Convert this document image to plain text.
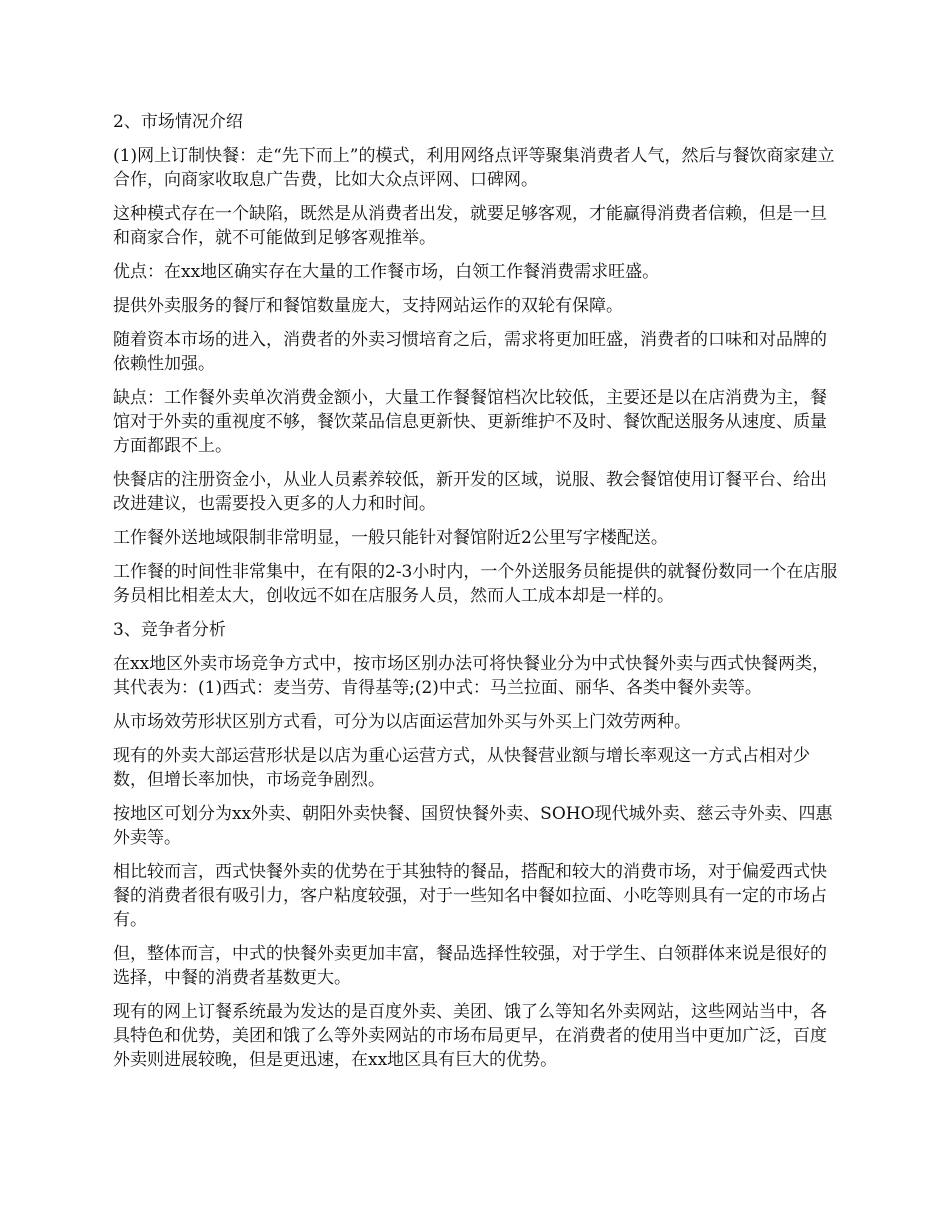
2、市场情况介绍

(1)网上订制快餐：走“先下而上”的模式，利用网络点评等聚集消费者人气，然后与餐饮商家建立合作，向商家收取息广告费，比如大众点评网、口碑网。

这种模式存在一个缺陷，既然是从消费者出发，就要足够客观，才能赢得消费者信赖，但是一旦和商家合作，就不可能做到足够客观推举。

优点：在xx地区确实存在大量的工作餐市场，白领工作餐消费需求旺盛。

提供外卖服务的餐厅和餐馆数量庞大，支持网站运作的双轮有保障。

随着资本市场的进入，消费者的外卖习惯培育之后，需求将更加旺盛，消费者的口味和对品牌的依赖性加强。

缺点：工作餐外卖单次消费金额小，大量工作餐餐馆档次比较低，主要还是以在店消费为主，餐馆对于外卖的重视度不够，餐饮菜品信息更新快、更新维护不及时、餐饮配送服务从速度、质量方面都跟不上。

快餐店的注册资金小，从业人员素养较低，新开发的区域，说服、教会餐馆使用订餐平台、给出改进建议，也需要投入更多的人力和时间。

工作餐外送地域限制非常明显，一般只能针对餐馆附近2公里写字楼配送。

工作餐的时间性非常集中，在有限的2-3小时内，一个外送服务员能提供的就餐份数同一个在店服务员相比相差太大，创收远不如在店服务人员，然而人工成本却是一样的。

3、竞争者分析

在xx地区外卖市场竞争方式中，按市场区别办法可将快餐业分为中式快餐外卖与西式快餐两类，其代表为：(1)西式：麦当劳、肯得基等;(2)中式：马兰拉面、丽华、各类中餐外卖等。

从市场效劳形状区别方式看，可分为以店面运营加外买与外买上门效劳两种。

现有的外卖大部运营形状是以店为重心运营方式，从快餐营业额与增长率观这一方式占相对少数，但增长率加快，市场竞争剧烈。

按地区可划分为xx外卖、朝阳外卖快餐、国贸快餐外卖、SOHO现代城外卖、慈云寺外卖、四惠外卖等。

相比较而言，西式快餐外卖的优势在于其独特的餐品，搭配和较大的消费市场，对于偏爱西式快餐的消费者很有吸引力，客户粘度较强，对于一些知名中餐如拉面、小吃等则具有一定的市场占有。

但，整体而言，中式的快餐外卖更加丰富，餐品选择性较强，对于学生、白领群体来说是很好的选择，中餐的消费者基数更大。

现有的网上订餐系统最为发达的是百度外卖、美团、饿了么等知名外卖网站，这些网站当中，各具特色和优势，美团和饿了么等外卖网站的市场布局更早，在消费者的使用当中更加广泛，百度外卖则进展较晚，但是更迅速，在xx地区具有巨大的优势。
